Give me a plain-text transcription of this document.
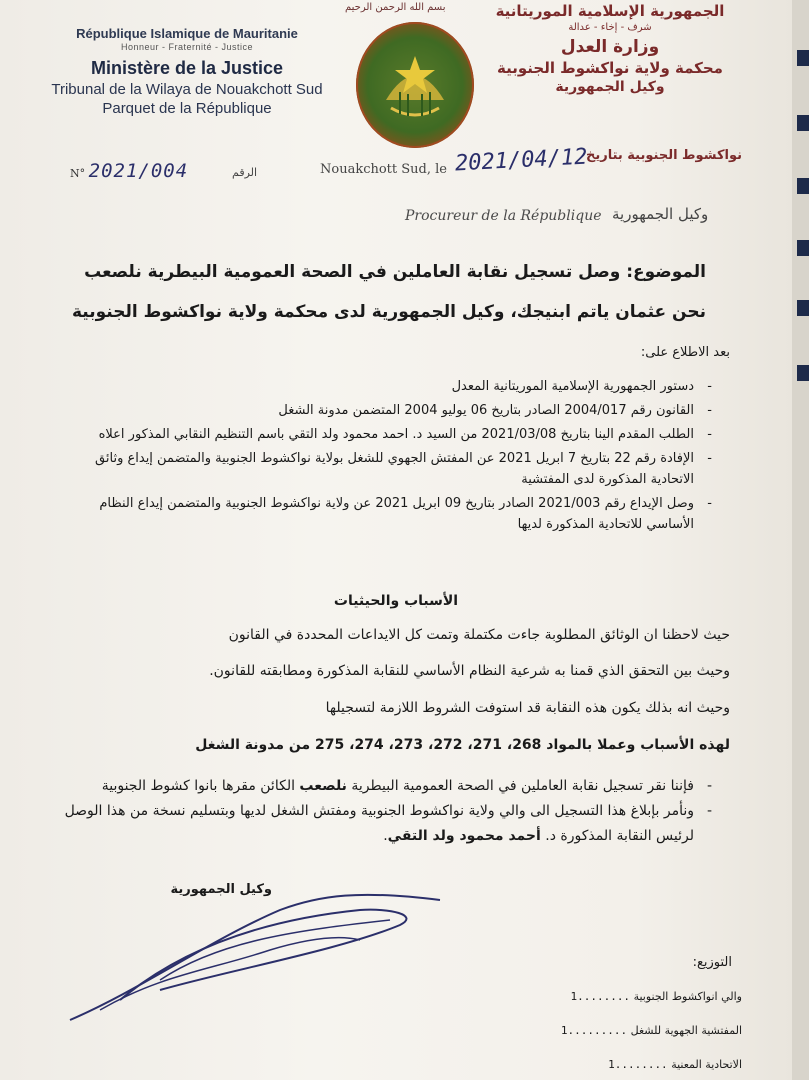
République Islamique de Mauritanie
Honneur - Fraternité - Justice
Ministère de la Justice
Tribunal de la Wilaya de Nouakchott Sud
Parquet de la République
بسم الله الرحمن الرحيم	الجمهورية الإسلامية الموريتانية
شرف - إخاء - عدالة
وزارة العدل
محكمة ولاية نواكشوط الجنوبية
وكيل الجمهورية
N° 2021/004	الرقم	Nouakchott Sud, le 2021/04/12
نواكشوط الجنوبية بتاريخ
Procureur de la République وكيل الجمهورية
الموضوع: وصل تسجيل نقابة العاملين في الصحة العمومية البيطرية نلصعب
نحن عثمان ياتم ابنيجك، وكيل الجمهورية لدى محكمة ولاية نواكشوط الجنوبية
بعد الاطلاع على:
- دستور الجمهورية الإسلامية الموريتانية المعدل
- القانون رقم 2004/017 الصادر بتاريخ 06 يوليو 2004 المتضمن مدونة الشغل
- الطلب المقدم الينا بتاريخ 2021/03/08 من السيد د. احمد محمود ولد التقي باسم التنظيم النقابي المذكور اعلاه
- الإفادة رقم 22 بتاريخ 7 ابريل 2021 عن المفتش الجهوي للشغل بولاية نواكشوط الجنوبية والمتضمن إيداع وثائق الاتحادية المذكورة لدى المفتشية
- وصل الإيداع رقم 2021/003 الصادر بتاريخ 09 ابريل 2021 عن ولاية نواكشوط الجنوبية والمتضمن إيداع النظام الأساسي للاتحادية المذكورة لديها
الأسباب والحيثيات
حيث لاحظنا ان الوثائق المطلوبة جاءت مكتملة وتمت كل الايداعات المحددة في القانون
وحيث بين التحقق الذي قمنا به شرعية النظام الأساسي للنقابة المذكورة ومطابقته للقانون.
وحيث انه بذلك يكون هذه النقابة قد استوفت الشروط اللازمة لتسجيلها
لهذه الأسباب وعملا بالمواد 268، 271، 272، 273، 274، 275 من مدونة الشغل
- فإننا نقر تسجيل نقابة العاملين في الصحة العمومية البيطرية نلصعب الكائن مقرها بانوا كشوط الجنوبية
- ونأمر بإبلاغ هذا التسجيل الى والي ولاية نواكشوط الجنوبية ومفتش الشغل لديها وبتسليم نسخة من هذا الوصل لرئيس النقابة المذكورة د. أحمد محمود ولد التقي.
وكيل الجمهورية
التوزيع:
والي انواكشوط الجنوبية ........1
المفتشية الجهوية للشغل .........1
الاتحادية المعنية ........1
